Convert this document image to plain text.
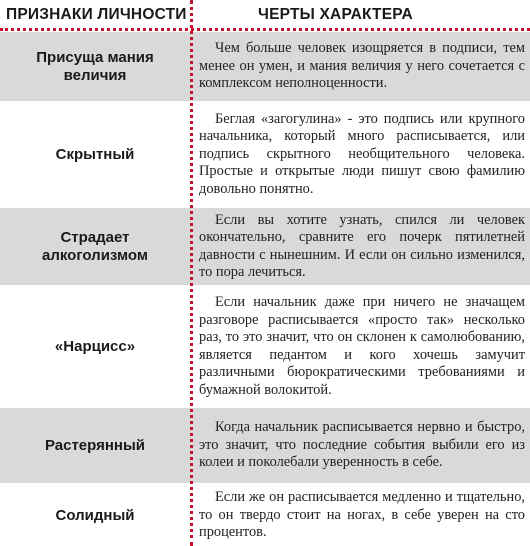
ПРИЗНАКИ ЛИЧНОСТИ	ЧЕРТЫ ХАРАКТЕРА
Присуща мания величия

Чем больше человек изощряется в подписи, тем менее он умен, и мания величия у него сочетается с комплексом неполноценности.

Скрытный

Беглая «загогулина» - это подпись или крупного начальника, который много расписывается, или подпись скрытного необщительного человека. Простые и открытые люди пишут свою фамилию довольно понятно.

Страдает алкоголизмом

Если вы хотите узнать, спился ли человек окончательно, сравните его почерк пятилетней давности с нынешним. И если он сильно изменился, то пора лечиться.

«Нарцисс»

Если начальник даже при ничего не значащем разговоре расписывается «просто так» несколько раз, то это значит, что он склонен к самолюбованию, является педантом и кого хочешь замучит различными бюрократическими требованиями и бумажной волокитой.

Растерянный

Когда начальник расписывается нервно и быстро, это значит, что последние события выбили его из колеи и поколебали уверенность в себе.

Солидный

Если же он расписывается медленно и тщательно, то он твердо стоит на ногах, в себе уверен на сто процентов.
